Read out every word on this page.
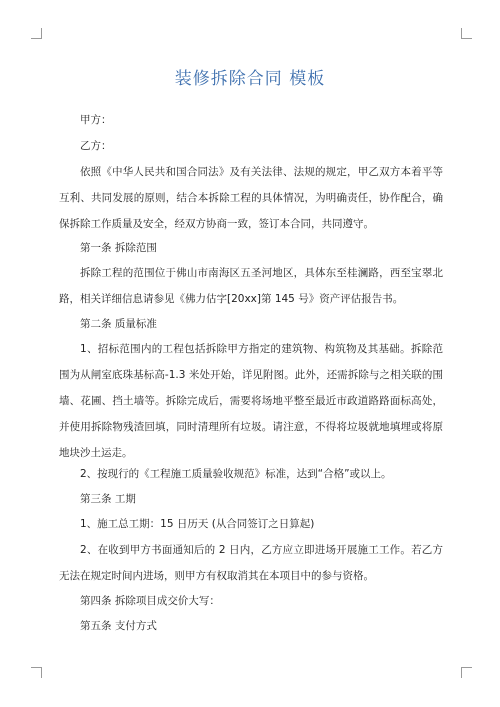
装修拆除合同 模板

甲方：

乙方：

依照《中华人民共和国合同法》及有关法律、法规的规定，甲乙双方本着平等互利、共同发展的原则，结合本拆除工程的具体情况，为明确责任，协作配合，确保拆除工作质量及安全，经双方协商一致，签订本合同，共同遵守。

第一条 拆除范围

拆除工程的范围位于佛山市南海区五圣河地区，具体东至桂澜路，西至宝翠北路，相关详细信息请参见《佛力估字[20xx]第 145 号》资产评估报告书。

第二条 质量标准

1、招标范围内的工程包括拆除甲方指定的建筑物、构筑物及其基础。拆除范围为从闸室底珠基标高-1.3 米处开始，详见附图。此外，还需拆除与之相关联的围墙、花圃、挡土墙等。拆除完成后，需要将场地平整至最近市政道路路面标高处，并使用拆除物残渣回填，同时清理所有垃圾。请注意，不得将垃圾就地填埋或将原地块沙土运走。

2、按现行的《工程施工质量验收规范》标准，达到“合格”或以上。

第三条 工期

1、施工总工期：15 日历天 (从合同签订之日算起)

2、在收到甲方书面通知后的 2 日内，乙方应立即进场开展施工工作。若乙方无法在规定时间内进场，则甲方有权取消其在本项目中的参与资格。

第四条 拆除项目成交价大写：

第五条 支付方式
